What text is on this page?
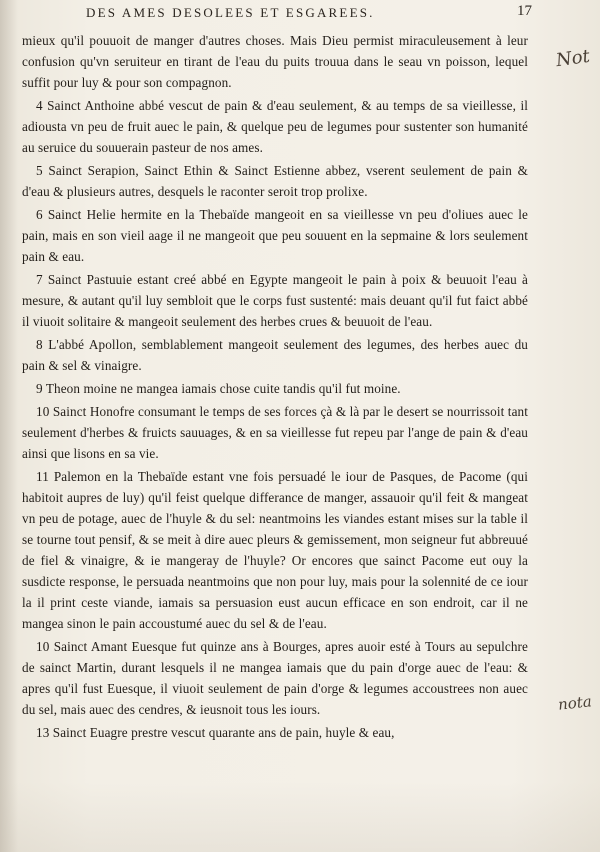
DES AMES DESOLEES ET ESGAREES.	17
Not
nota

mieux qu'il pouuoit de manger d'autres choses. Mais Dieu permist miraculeusement à leur confusion qu'vn seruiteur en tirant de l'eau du puits trouua dans le seau vn poisson, lequel suffit pour luy & pour son compagnon.

4 Sainct Anthoine abbé vescut de pain & d'eau seulement, & au temps de sa vieillesse, il adiousta vn peu de fruit auec le pain, & quelque peu de legumes pour sustenter son humanité au seruice du souuerain pasteur de nos ames.

5 Sainct Serapion, Sainct Ethin & Sainct Estienne abbez, vserent seulement de pain & d'eau & plusieurs autres, desquels le raconter seroit trop prolixe.

6 Sainct Helie hermite en la Thebaïde mangeoit en sa vieillesse vn peu d'oliues auec le pain, mais en son vieil aage il ne mangeoit que peu souuent en la sepmaine & lors seulement pain & eau.

7 Sainct Pastuuie estant creé abbé en Egypte mangeoit le pain à poix & beuuoit l'eau à mesure, & autant qu'il luy sembloit que le corps fust sustenté: mais deuant qu'il fut faict abbé il viuoit solitaire & mangeoit seulement des herbes crues & beuuoit de l'eau.

8 L'abbé Apollon, semblablement mangeoit seulement des legumes, des herbes auec du pain & sel & vinaigre.

9 Theon moine ne mangea iamais chose cuite tandis qu'il fut moine.

10 Sainct Honofre consumant le temps de ses forces çà & là par le desert se nourrissoit tant seulement d'herbes & fruicts sauuages, & en sa vieillesse fut repeu par l'ange de pain & d'eau ainsi que lisons en sa vie.

11 Palemon en la Thebaïde estant vne fois persuadé le iour de Pasques, de Pacome (qui habitoit aupres de luy) qu'il feist quelque differance de manger, assauoir qu'il feit & mangeat vn peu de potage, auec de l'huyle & du sel: neantmoins les viandes estant mises sur la table il se tourne tout pensif, & se meit à dire auec pleurs & gemissement, mon seigneur fut abbreuué de fiel & vinaigre, & ie mangeray de l'huyle? Or encores que sainct Pacome eut ouy la susdicte response, le persuada neantmoins que non pour luy, mais pour la solennité de ce iour la il print ceste viande, iamais sa persuasion eust aucun efficace en son endroit, car il ne mangea sinon le pain accoustumé auec du sel & de l'eau.

10 Sainct Amant Euesque fut quinze ans à Bourges, apres auoir esté à Tours au sepulchre de sainct Martin, durant lesquels il ne mangea iamais que du pain d'orge auec de l'eau: & apres qu'il fust Euesque, il viuoit seulement de pain d'orge & legumes accoustrees non auec du sel, mais auec des cendres, & ieusnoit tous les iours.

13 Sainct Euagre prestre vescut quarante ans de pain, huyle & eau,
